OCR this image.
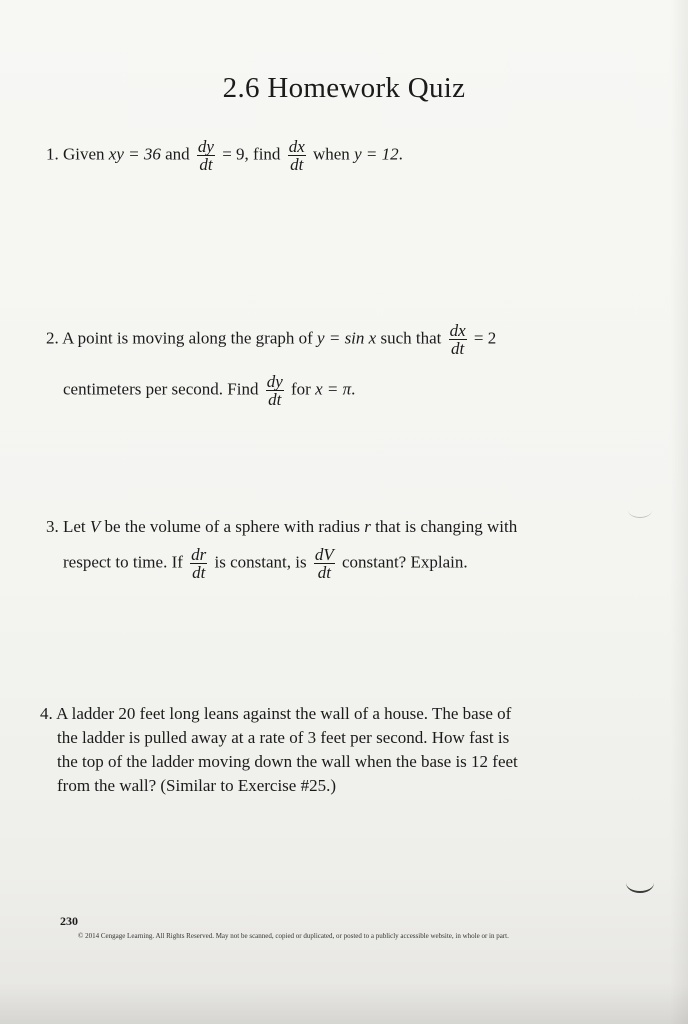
2.6 Homework Quiz
1. Given xy = 36 and $\frac{dy}{dt} = 9$, find $\frac{dx}{dt}$ when y = 12.
2. A point is moving along the graph of y = sin x such that $\frac{dx}{dt} = 2$
centimeters per second. Find $\frac{dy}{dt}$ for x = π.
3. Let V be the volume of a sphere with radius r that is changing with
respect to time. If $\frac{dr}{dt}$ is constant, is $\frac{dV}{dt}$ constant? Explain.
4. A ladder 20 feet long leans against the wall of a house. The base of
the ladder is pulled away at a rate of 3 feet per second. How fast is
the top of the ladder moving down the wall when the base is 12 feet
from the wall? (Similar to Exercise #25.)
230
© 2014 Cengage Learning. All Rights Reserved. May not be scanned, copied or duplicated, or posted to a publicly accessible website, in whole or in part.
